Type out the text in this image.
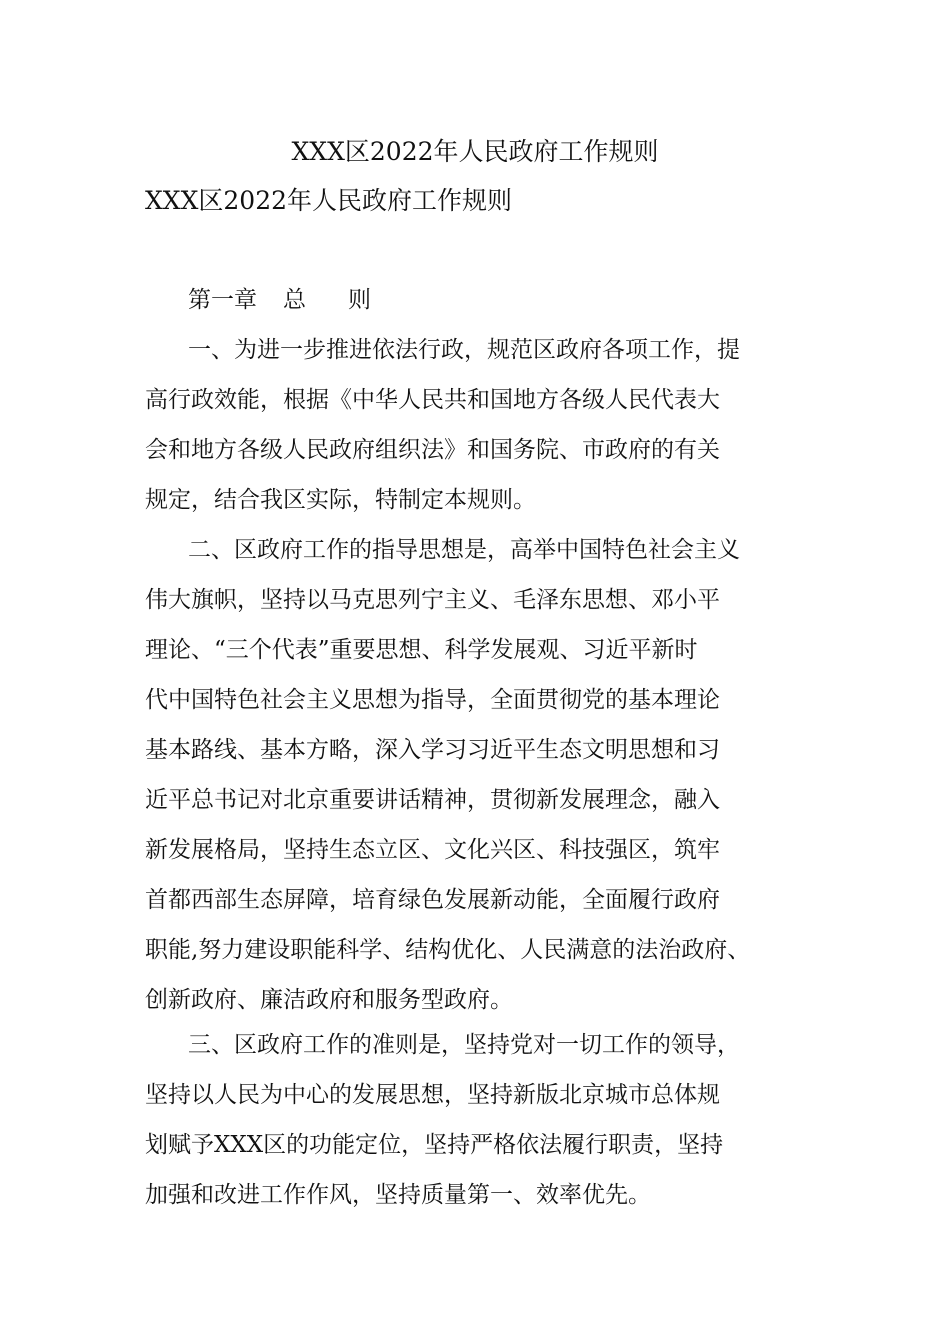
XXX区2022年人民政府工作规则
XXX区2022年人民政府工作规则
第一章 总 则
一、为进一步推进依法行政，规范区政府各项工作，提
高行政效能，根据《中华人民共和国地方各级人民代表大
会和地方各级人民政府组织法》和国务院、市政府的有关
规定，结合我区实际，特制定本规则。
二、区政府工作的指导思想是，高举中国特色社会主义
伟大旗帜，坚持以马克思列宁主义、毛泽东思想、邓小平
理论、“三个代表”重要思想、科学发展观、习近平新时
代中国特色社会主义思想为指导，全面贯彻党的基本理论
基本路线、基本方略，深入学习习近平生态文明思想和习
近平总书记对北京重要讲话精神，贯彻新发展理念，融入
新发展格局，坚持生态立区、文化兴区、科技强区，筑牢
首都西部生态屏障，培育绿色发展新动能，全面履行政府
职能,努力建设职能科学、结构优化、人民满意的法治政府、
创新政府、廉洁政府和服务型政府。
三、区政府工作的准则是，坚持党对一切工作的领导，
坚持以人民为中心的发展思想，坚持新版北京城市总体规
划赋予XXX区的功能定位，坚持严格依法履行职责，坚持
加强和改进工作作风，坚持质量第一、效率优先。
